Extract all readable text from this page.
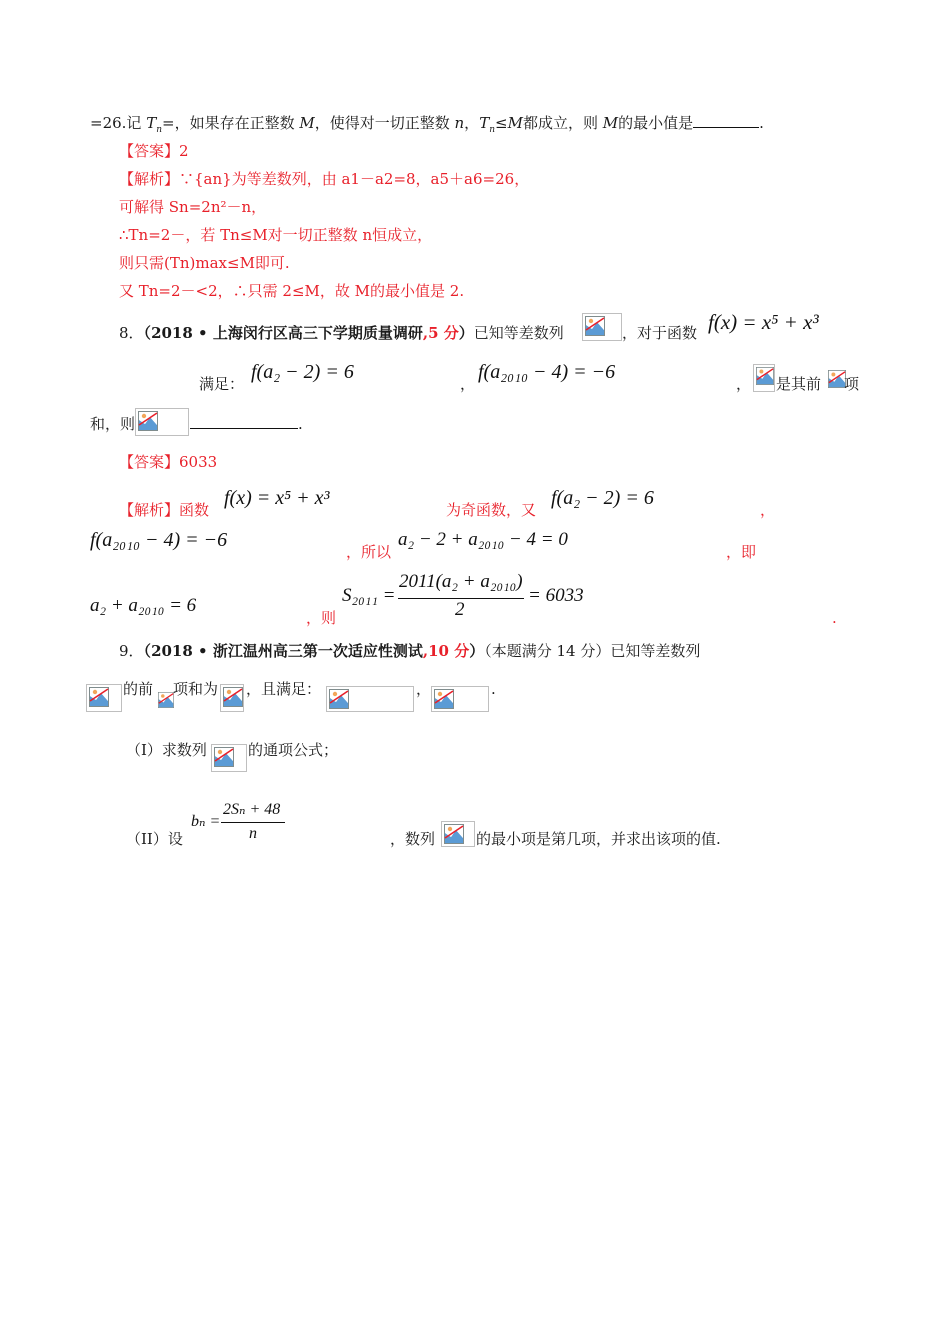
=26.记 $T_n=$，如果存在正整数 M，使得对一切正整数 n，$T_n\le M$都成立，则 M的最小值是	.
【答案】2
【解析】∵{an}为等差数列，由 a1－a2=8，a5＋a6=26，
可解得 Sn=2n²－n，
∴Tn=2－，若 Tn≤M对一切正整数 n恒成立，
则只需(Tn)max≤M即可.
又 Tn=2－<2，∴只需 2≤M，故 M的最小值是 2.
8．（2018 • 上海闵行区高三下学期质量调研,5 分）已知等差数列	，对于函数 f(x) = x⁵ + x³
满足：
f(a₂ − 2) = 6
，
f(a₂₀₁₀ − 4) = −6
， 是其前 项
和，则	.
【答案】6033
【解析】函数
f(x) = x⁵ + x³
为奇函数，又
f(a₂ − 2) = 6
，
f(a₂₀₁₀ − 4) = −6
，所以
a₂ − 2 + a₂₀₁₀ − 4 = 0
，即
a₂ + a₂₀₁₀ = 6
，则
S₂₀₁₁ =
2011(a₂ + a₂₀₁₀)
2
= 6033
.
9．（2018 • 浙江温州高三第一次适应性测试,10 分）（本题满分 14 分）已知等差数列
的前 项和为 ，且满足：	，	.
（I）求数列	的通项公式；
（II）设
bₙ =
2Sₙ + 48
n	，数列	的最小项是第几项，并求出该项的值.
